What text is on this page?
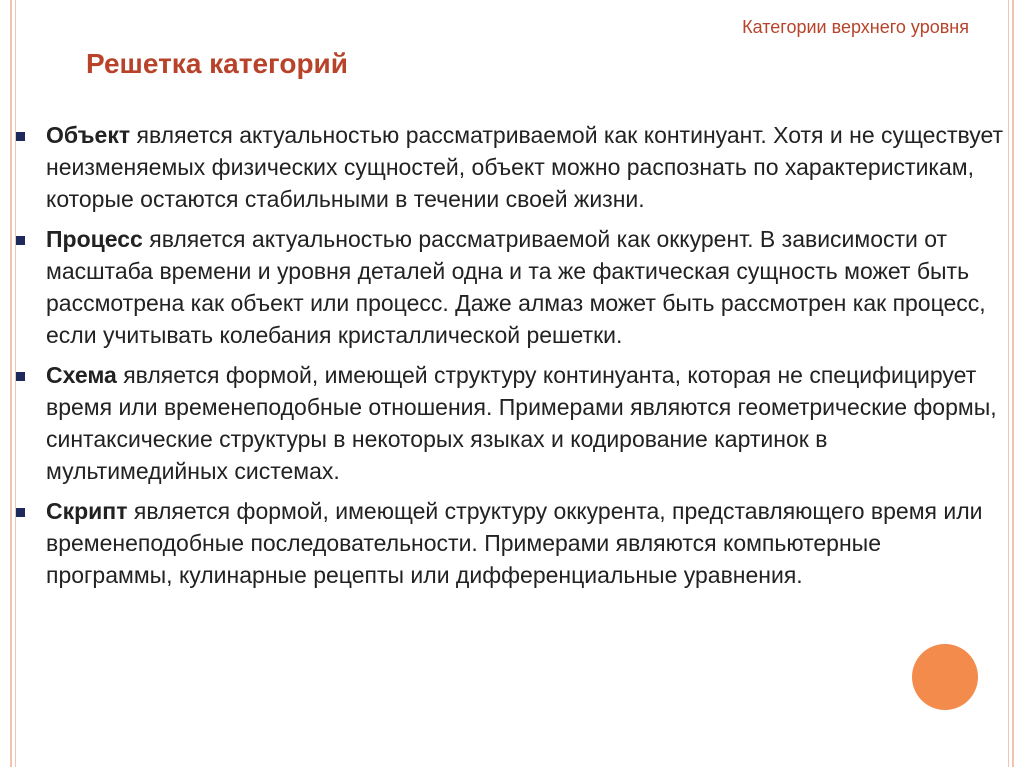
Категории верхнего уровня
Решетка категорий

Объект является актуальностью рассматриваемой как континуант. Хотя и не существует неизменяемых физических сущностей, объект можно распознать по характеристикам, которые остаются стабильными в течении своей жизни.

Процесс является актуальностью рассматриваемой как оккурент. В зависимости от масштаба времени и уровня деталей одна и та же фактическая сущность может быть рассмотрена как объект или процесс. Даже алмаз может быть рассмотрен как процесс, если учитывать колебания кристаллической решетки.

Схема является формой, имеющей структуру континуанта, которая не специфицирует время или временеподобные отношения. Примерами являются геометрические формы, синтаксические структуры в некоторых языках и кодирование картинок в мультимедийных системах.

Скрипт является формой, имеющей структуру оккурента, представляющего время или временеподобные последовательности. Примерами являются компьютерные программы, кулинарные рецепты или дифференциальные уравнения.
